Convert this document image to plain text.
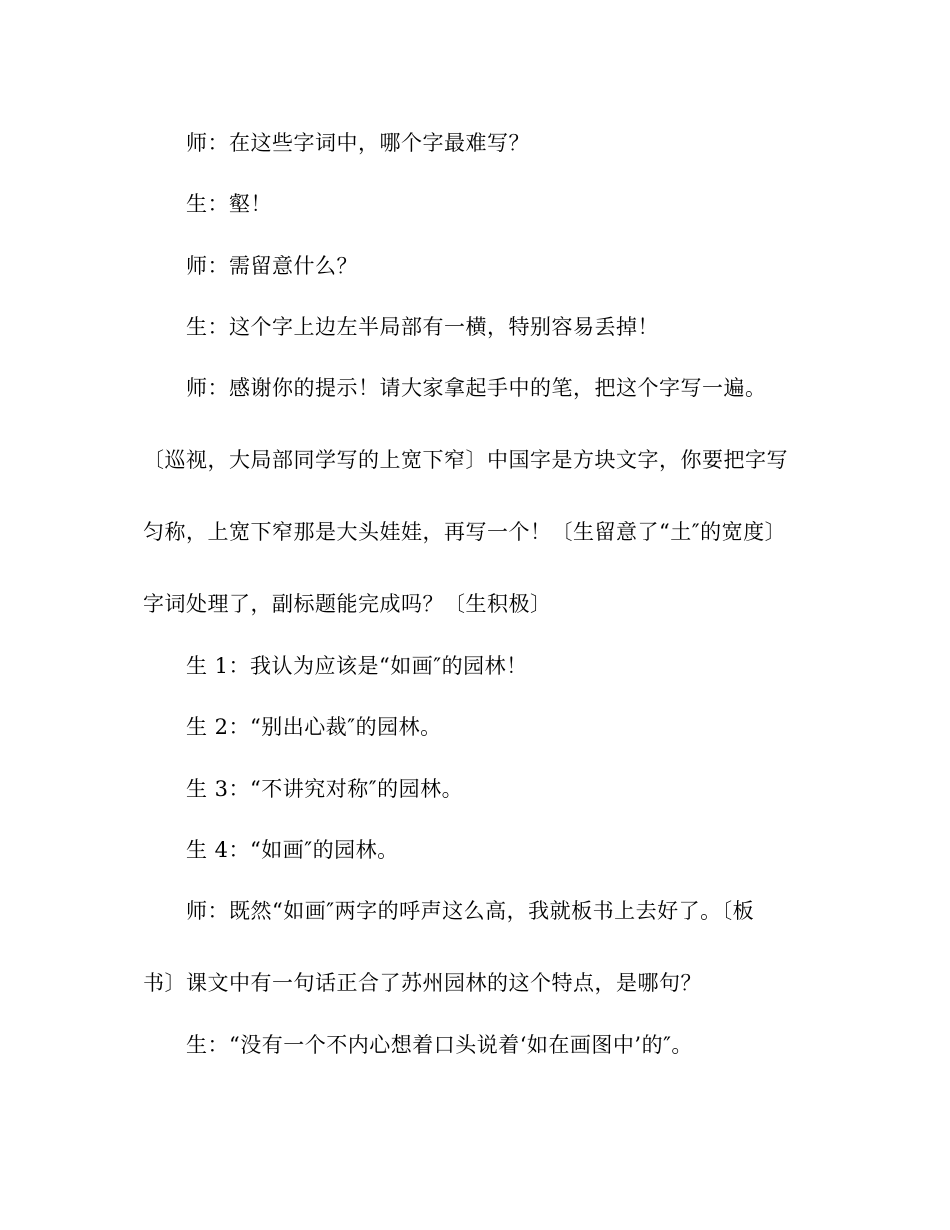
师：在这些字词中，哪个字最难写？
生：壑！
师：需留意什么？
生：这个字上边左半局部有一横，特别容易丢掉！
师：感谢你的提示！请大家拿起手中的笔，把这个字写一遍。
〔巡视，大局部同学写的上宽下窄〕中国字是方块文字，你要把字写
匀称，上宽下窄那是大头娃娃，再写一个！〔生留意了“土″的宽度〕
字词处理了，副标题能完成吗？〔生积极〕
生 1：我认为应该是“如画″的园林！
生 2：“别出心裁″的园林。
生 3：“不讲究对称″的园林。
生 4：“如画″的园林。
师：既然“如画″两字的呼声这么高，我就板书上去好了。〔板
书〕课文中有一句话正合了苏州园林的这个特点，是哪句？
生：“没有一个不内心想着口头说着‘如在画图中’的″。
